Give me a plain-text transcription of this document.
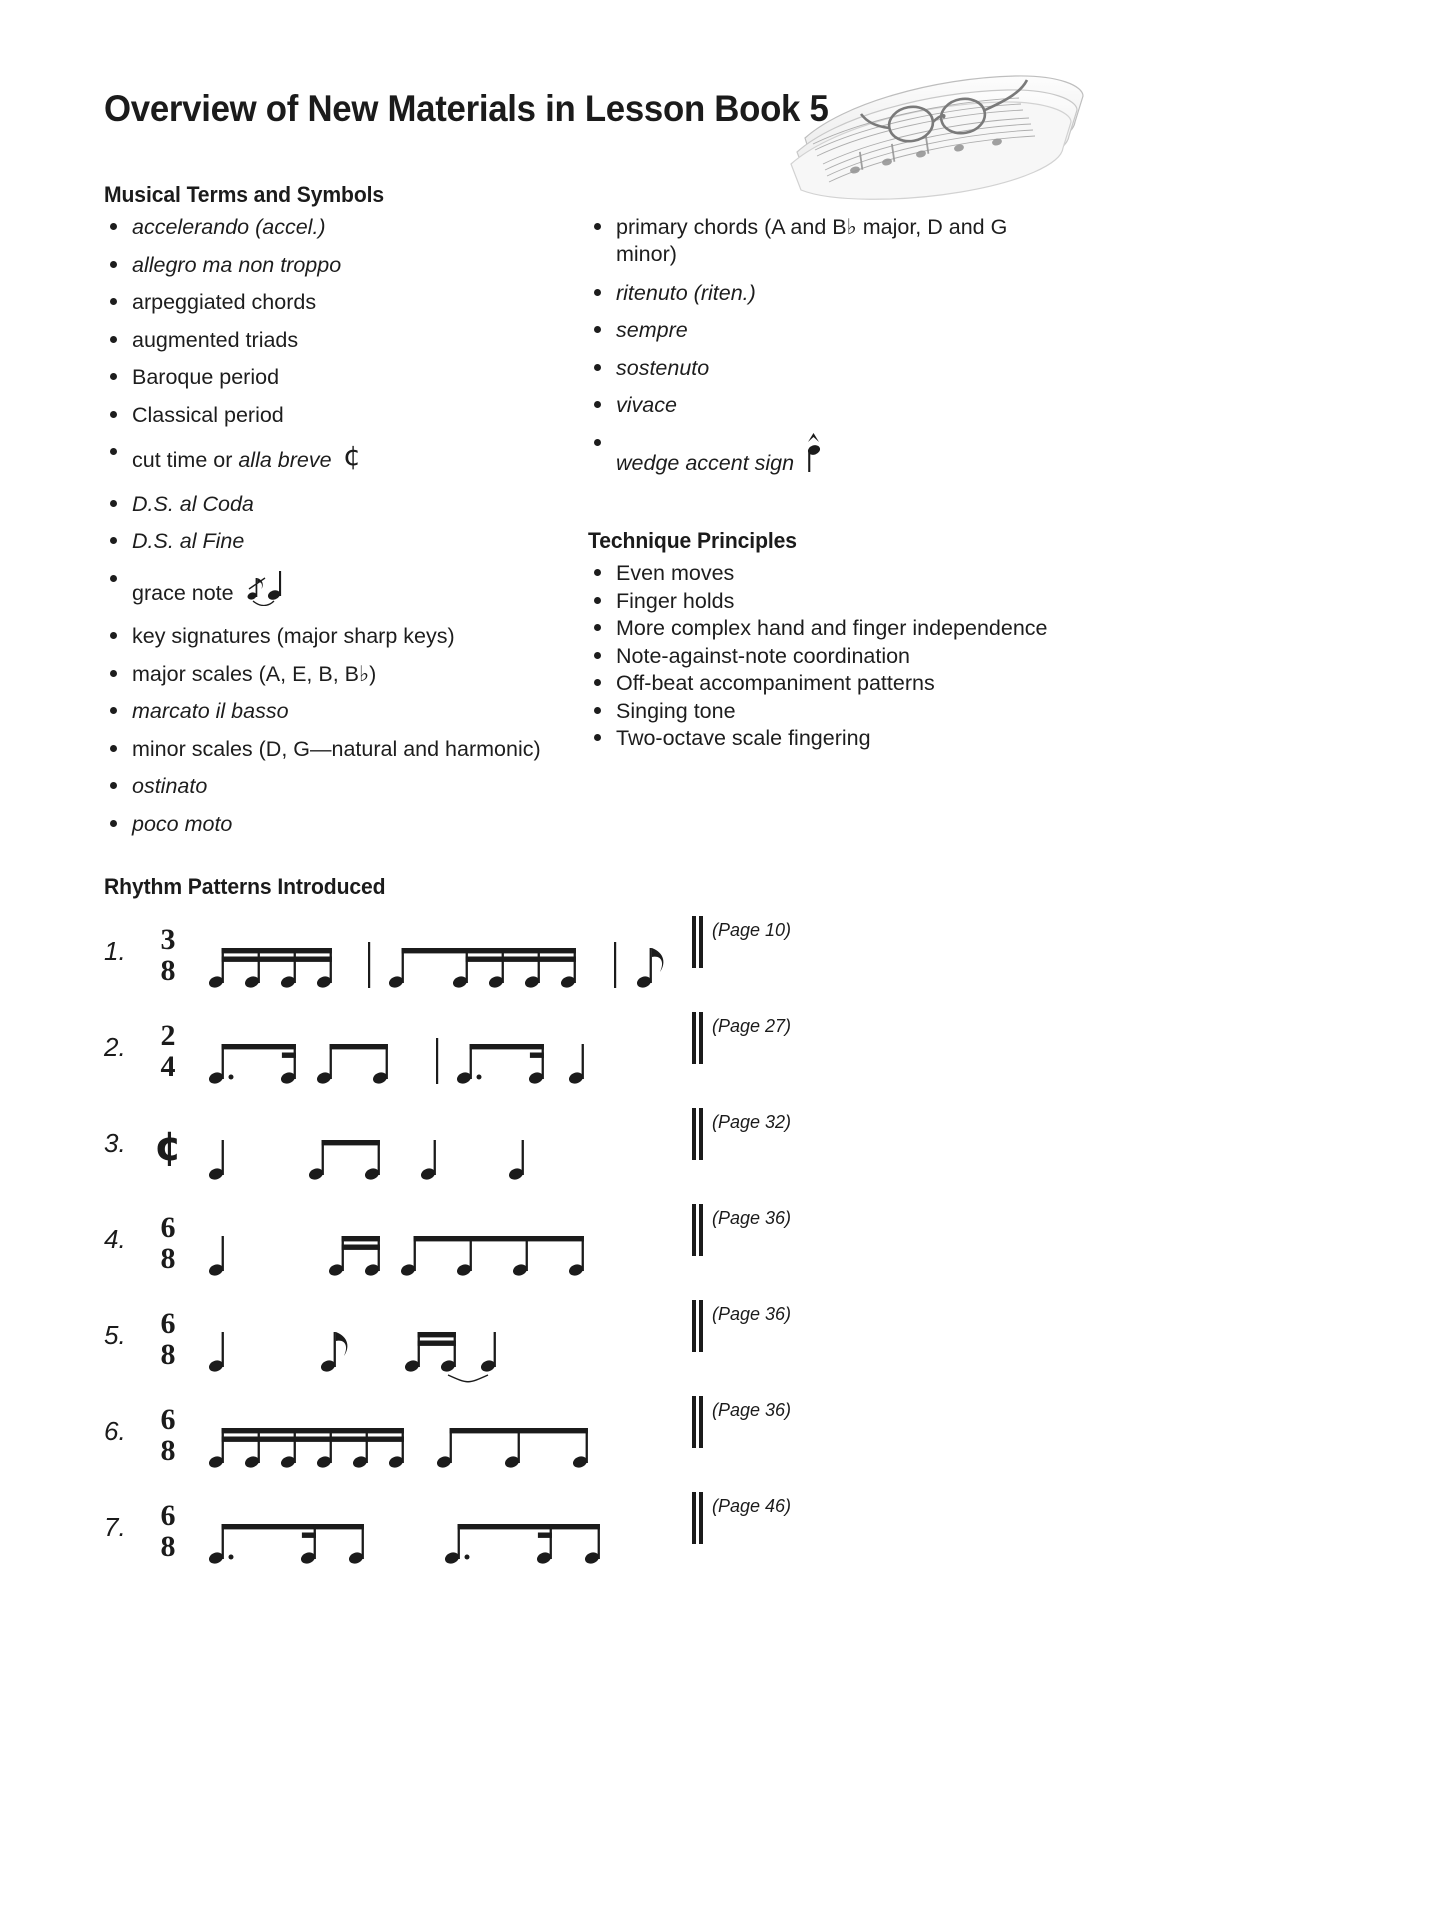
Overview of New Materials in Lesson Book 5
Musical Terms and Symbols
accelerando (accel.)
allegro ma non troppo
arpeggiated chords
augmented triads
Baroque period
Classical period
cut time or alla breve ¢
D.S. al Coda
D.S. al Fine
grace note
key signatures (major sharp keys)
major scales (A, E, B, B♭)
marcato il basso
minor scales (D, G—natural and harmonic)
ostinato
poco moto
primary chords (A and B♭ major, D and G minor)
ritenuto (riten.)
sempre
sostenuto
vivace
wedge accent sign
Technique Principles
Even moves
Finger holds
More complex hand and finger independence
Note-against-note coordination
Off-beat accompaniment patterns
Singing tone
Two-octave scale fingering
Rhythm Patterns Introduced
1.	3
8
(Page 10)
2.	2
4
(Page 27)
3. ¢
(Page 32)
4.	6
8
(Page 36)
5.	6
8
(Page 36)
6.	6
8
(Page 36)
7.	6
8
(Page 46)
